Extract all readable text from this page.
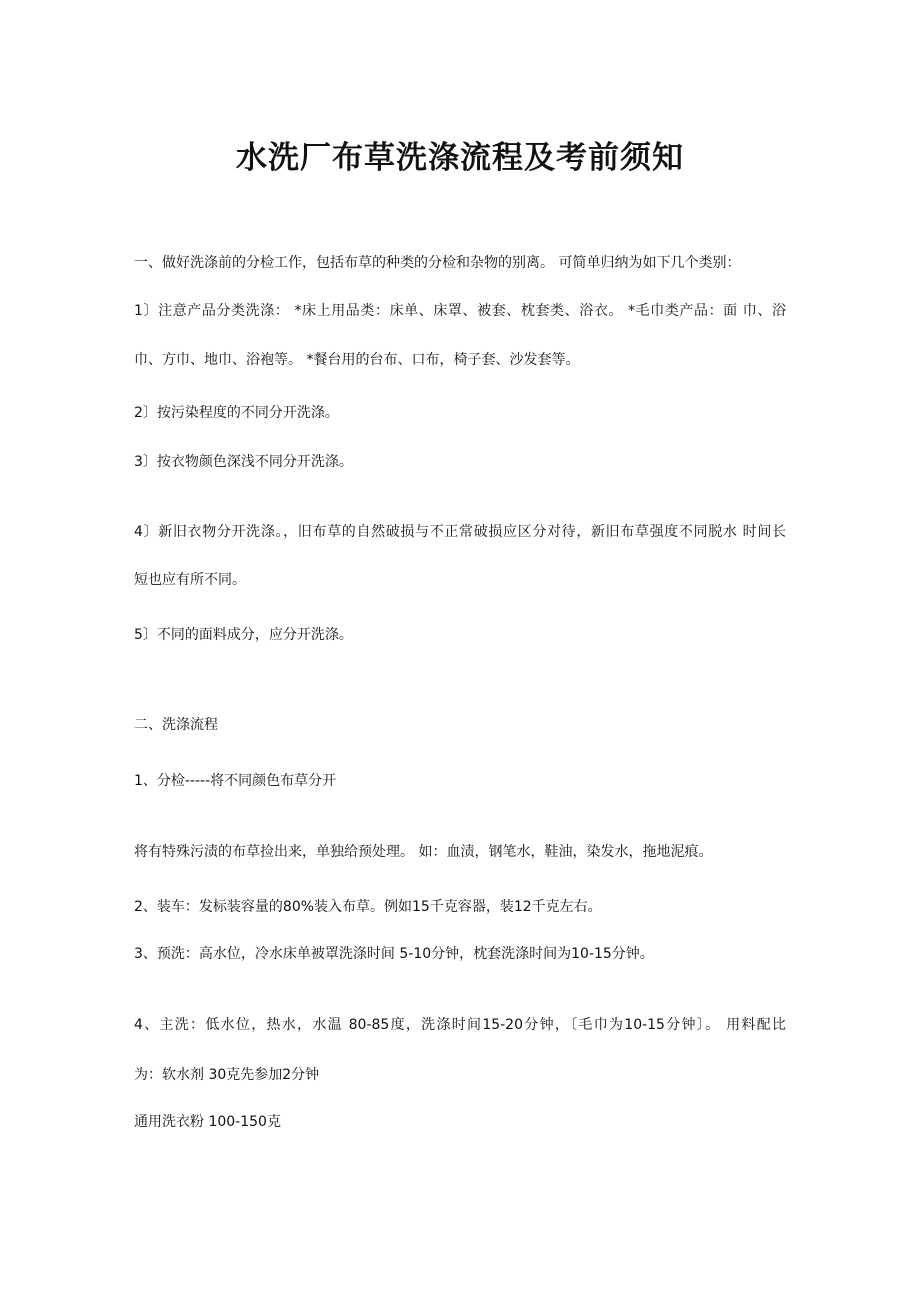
水洗厂布草洗涤流程及考前须知

一、做好洗涤前的分检工作，包括布草的种类的分检和杂物的别离。 可简单归纳为如下几个类别：

1〕注意产品分类洗涤： *床上用品类：床单、床罩、被套、枕套类、浴衣。 *毛巾类产品：面 巾、浴

巾、方巾、地巾、浴袍等。 *餐台用的台布、口布，椅子套、沙发套等。

2〕按污染程度的不同分开洗涤。

3〕按衣物颜色深浅不同分开洗涤。

4〕新旧衣物分开洗涤。，旧布草的自然破损与不正常破损应区分对待，新旧布草强度不同脱水 时间长

短也应有所不同。

5〕不同的面料成分，应分开洗涤。

二、洗涤流程

1、分检-----将不同颜色布草分开

将有特殊污渍的布草捡出来，单独给预处理。 如：血渍，钢笔水，鞋油，染发水，拖地泥痕。

2、装车：发标装容量的80%装入布草。例如15千克容器，装12千克左右。

3、预洗：高水位，冷水床单被罩洗涤时间 5-10分钟，枕套洗涤时间为10-15分钟。

4、主洗：低水位，热水，水温 80-85度，洗涤时间15-20分钟，〔毛巾为10-15分钟〕。 用料配比

为：软水剂 30克先参加2分钟

通用洗衣粉 100-150克
